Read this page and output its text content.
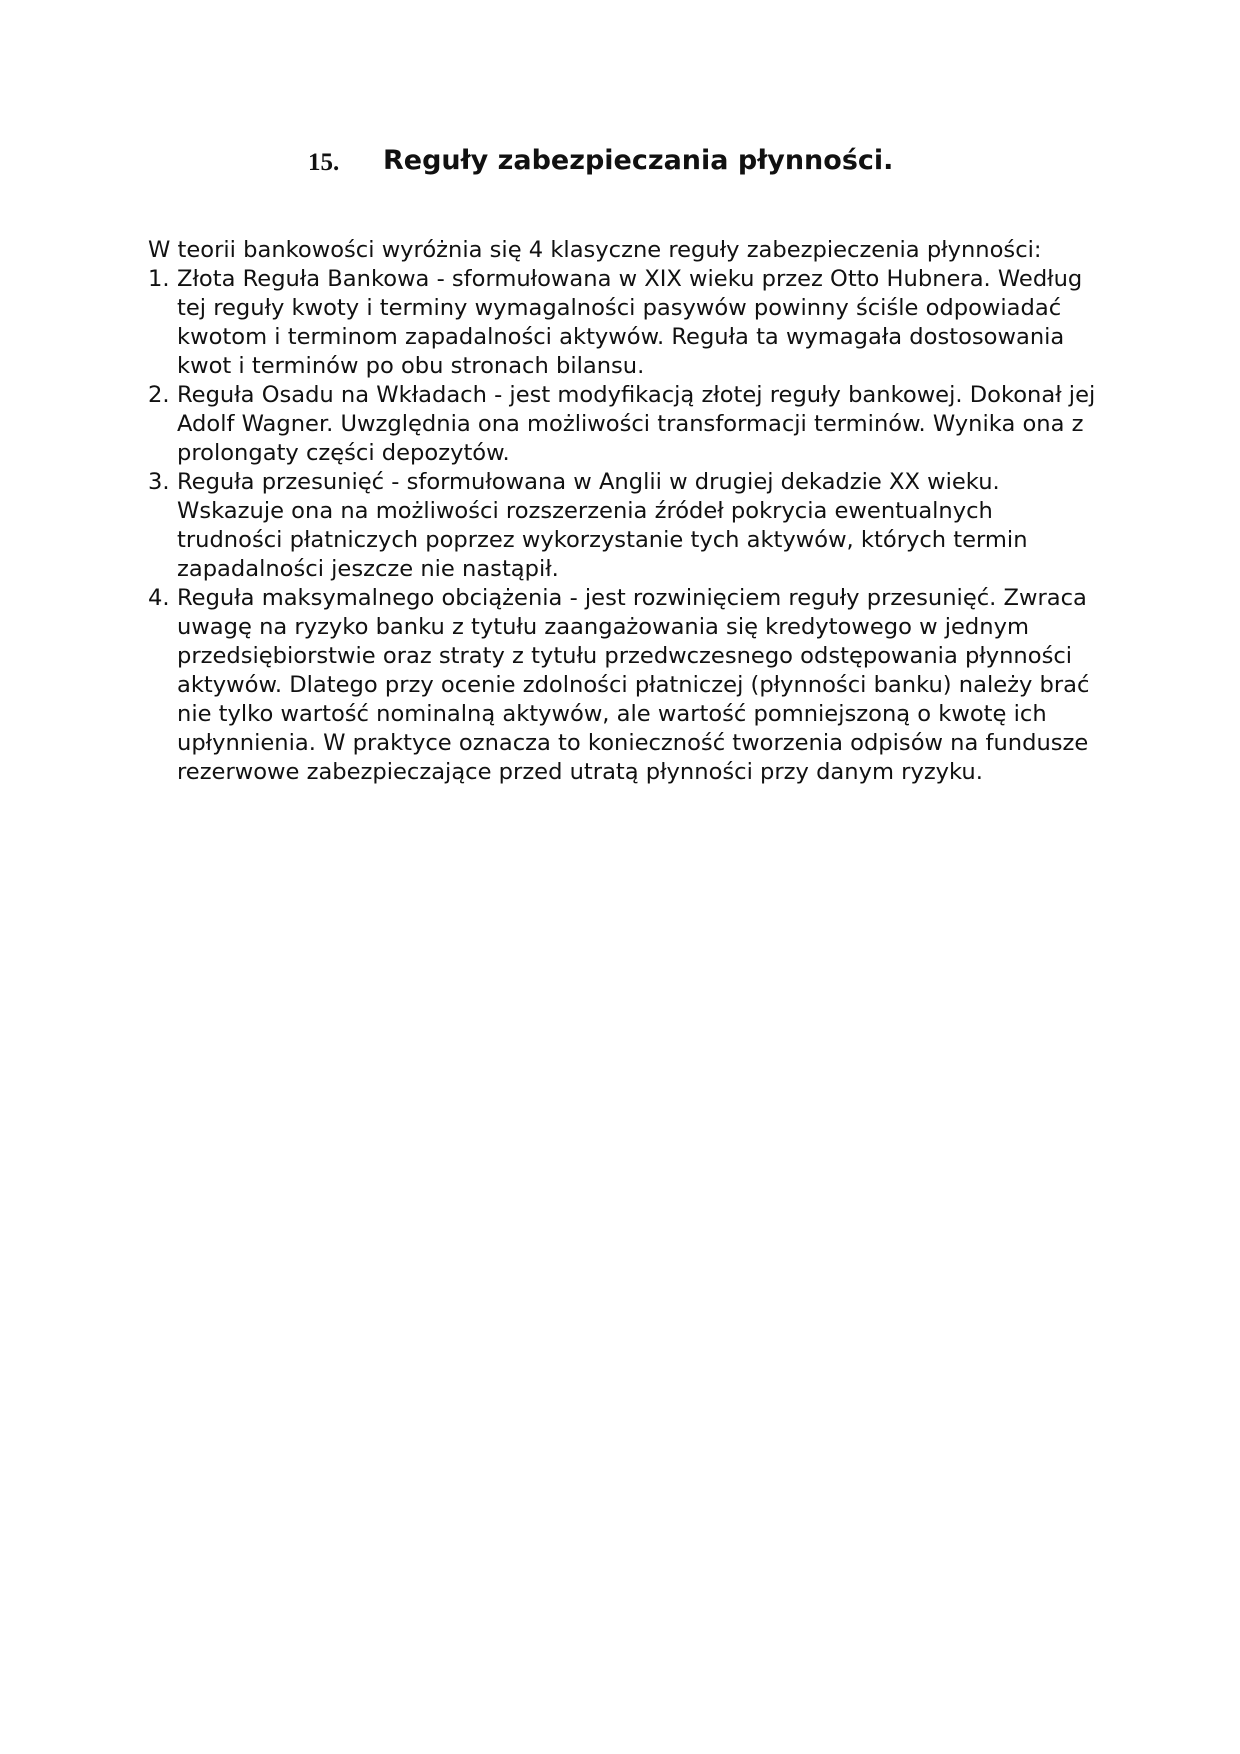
15. Reguły zabezpieczania płynności.

W teorii bankowości wyróżnia się 4 klasyczne reguły zabezpieczenia płynności:

1. Złota Reguła Bankowa - sformułowana w XIX wieku przez Otto Hubnera. Według tej reguły kwoty i terminy wymagalności pasywów powinny ściśle odpowiadać kwotom i terminom zapadalności aktywów. Reguła ta wymagała dostosowania kwot i terminów po obu stronach bilansu.
2. Reguła Osadu na Wkładach - jest modyfikacją złotej reguły bankowej. Dokonał jej Adolf Wagner. Uwzględnia ona możliwości transformacji terminów. Wynika ona z prolongaty części depozytów.
3. Reguła przesunięć - sformułowana w Anglii w drugiej dekadzie XX wieku. Wskazuje ona na możliwości rozszerzenia źródeł pokrycia ewentualnych trudności płatniczych poprzez wykorzystanie tych aktywów, których termin zapadalności jeszcze nie nastąpił.
4. Reguła maksymalnego obciążenia - jest rozwinięciem reguły przesunięć. Zwraca uwagę na ryzyko banku z tytułu zaangażowania się kredytowego w jednym przedsiębiorstwie oraz straty z tytułu przedwczesnego odstępowania płynności aktywów. Dlatego przy ocenie zdolności płatniczej (płynności banku) należy brać nie tylko wartość nominalną aktywów, ale wartość pomniejszoną o kwotę ich upłynnienia. W praktyce oznacza to konieczność tworzenia odpisów na fundusze rezerwowe zabezpieczające przed utratą płynności przy danym ryzyku.
